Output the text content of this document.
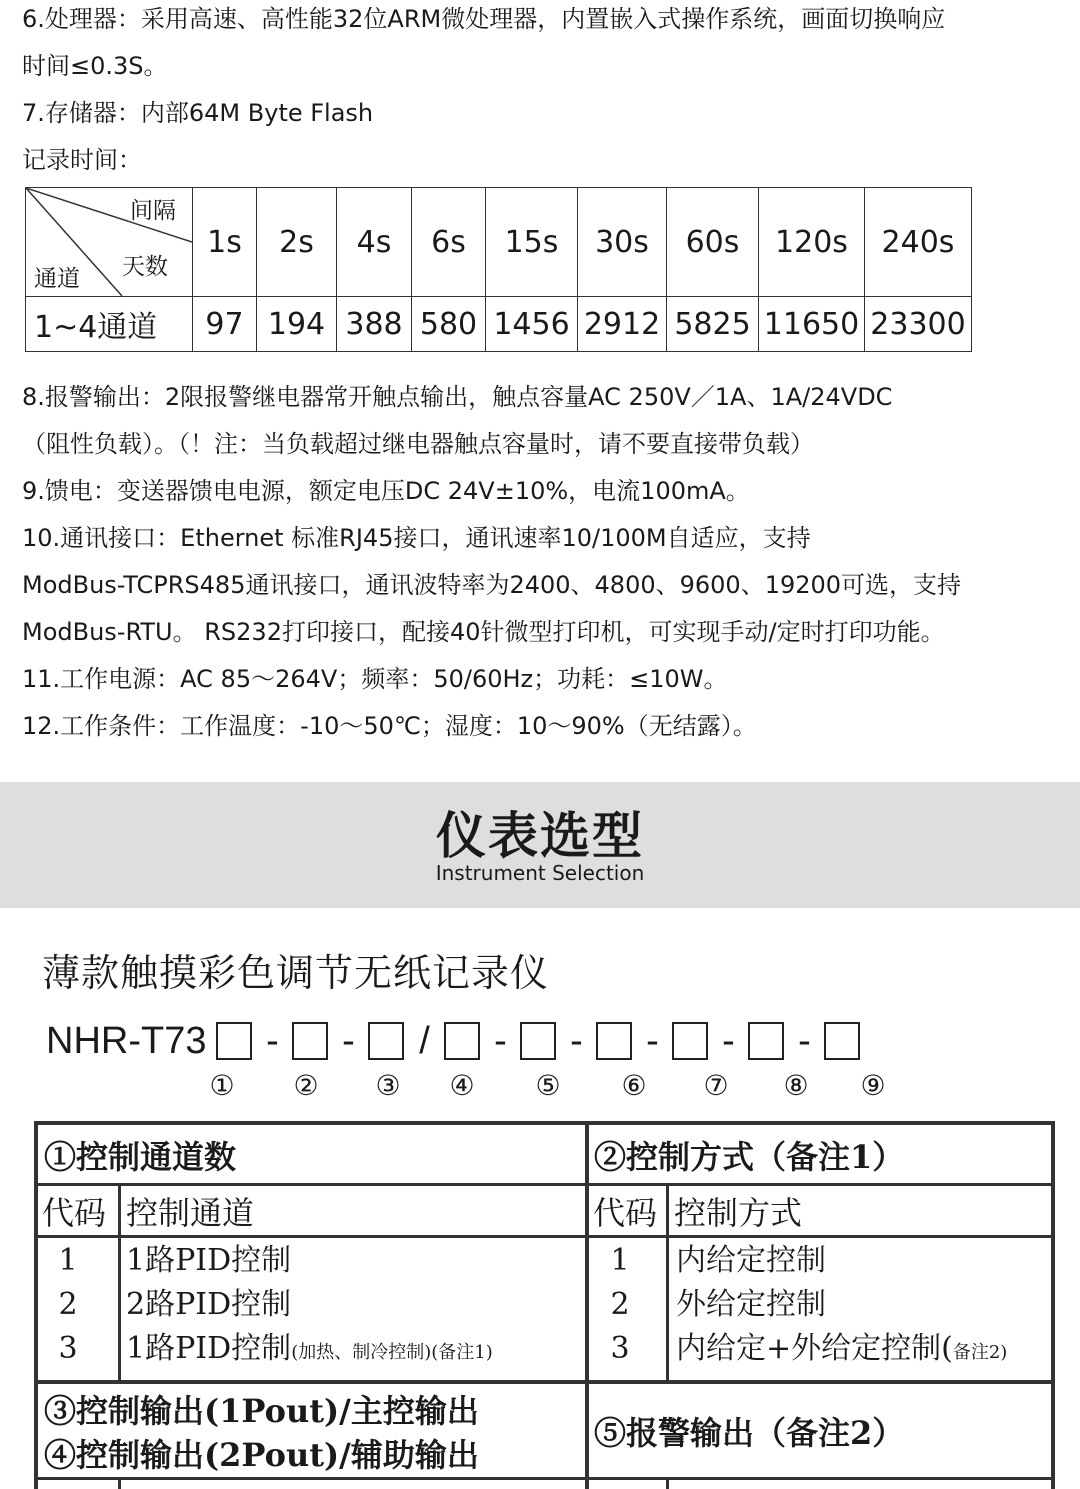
6.处理器：采用高速、高性能32位ARM微处理器，内置嵌入式操作系统，画面切换响应
时间≤0.3S。
7.存储器：内部64M Byte Flash
记录时间：
间隔
天数
通道	1s	2s	4s	6s	15s	30s	60s	120s	240s
1~4通道	97	194	388	580	1456	2912	5825	11650	23300
8.报警输出：2限报警继电器常开触点输出，触点容量AC 250V／1A、1A/24VDC
（阻性负载）。（！注：当负载超过继电器触点容量时，请不要直接带负载）
9.馈电：变送器馈电电源，额定电压DC 24V±10%，电流100mA。
10.通讯接口：Ethernet 标准RJ45接口，通讯速率10/100M自适应，支持
ModBus-TCPRS485通讯接口，通讯波特率为2400、4800、9600、19200可选，支持
ModBus-RTU。 RS232打印接口，配接40针微型打印机，可实现手动/定时打印功能。
11.工作电源：AC 85～264V；频率：50/60Hz；功耗：≤10W。
12.工作条件：工作温度：-10～50℃；湿度：10～90%（无结露）。
仪表选型
Instrument Selection
薄款触摸彩色调节无纸记录仪
NHR-T73	-	-	/	-	-	-	-	-
① ② ③ ④ ⑤ ⑥ ⑦ ⑧ ⑨
①控制通道数
代码 控制通道
1	1路PID控制
2	2路PID控制
3	1路PID控制(加热、制冷控制)(备注1)
②控制方式（备注1）
代码 控制方式
1	内给定控制
2	外给定控制
3	内给定+外给定控制(备注2)
③控制输出(1Pout)/主控输出
④控制输出(2Pout)/辅助输出
⑤报警输出（备注2）
